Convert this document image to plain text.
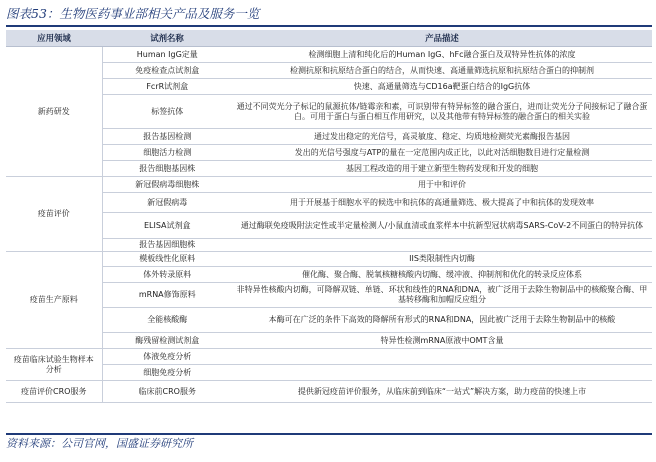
图表53：生物医药事业部相关产品及服务一览
应用领域	试剂名称	产品描述
新药研发	Human IgG定量	检测细胞上清和纯化后的Human IgG、hFc融合蛋白及双特异性抗体的浓度
	免疫检查点试剂盒	检测抗原和抗原结合蛋白的结合，从而快速、高通量筛选抗原和抗原结合蛋白的抑制剂
	FcrR试剂盒	快速、高通量筛选与CD16a靶蛋白结合的IgG抗体
	标签抗体	通过不同荧光分子标记的鼠源抗体/链霉亲和素，可识别带有特异标签的融合蛋白，进而让荧光分子间接标记了融合蛋白。可用于蛋白与蛋白相互作用研究，以及其他带有特异标签的融合蛋白的相关实验
	报告基因检测	通过发出稳定的光信号，高灵敏度、稳定、均质地检测荧光素酶报告基因
	细胞活力检测	发出的光信号强度与ATP的量在一定范围内成正比，以此对活细胞数目进行定量检测
	报告细胞基因株	基因工程改造的用于建立新型生物药发现和开发的细胞
疫苗评价	新冠假病毒细胞株	用于中和评价
	新冠假病毒	用于开展基于细胞水平的候选中和抗体的高通量筛选、极大提高了中和抗体的发现效率
	ELISA试剂盒	通过酶联免疫吸附法定性或半定量检测人/小鼠血清或血浆样本中抗新型冠状病毒SARS-CoV-2不同蛋白的特异抗体
	报告基因细胞株	
疫苗生产原料	模板线性化原料	IIS类限制性内切酶
	体外转录原料	催化酶、聚合酶、脱氧核糖核酸内切酶、缓冲液、抑制剂和优化的转录反应体系
	mRNA修饰原料	非特异性核酸内切酶，可降解双链、单链、环状和线性的RNA和DNA，被广泛用于去除生物制品中的核酸聚合酶、甲基转移酶和加帽反应组分
	全能核酸酶	本酶可在广泛的条件下高效的降解所有形式的RNA和DNA，因此被广泛用于去除生物制品中的核酸
	酶残留检测试剂盒	特异性检测mRNA原液中OMT含量
疫苗临床试验生物样本分析	体液免疫分析	
	细胞免疫分析	
疫苗评价CRO服务	临床前CRO服务	提供新冠疫苗评价服务，从临床前到临床“一站式”解决方案，助力疫苗的快速上市
资料来源：公司官网，国盛证券研究所
